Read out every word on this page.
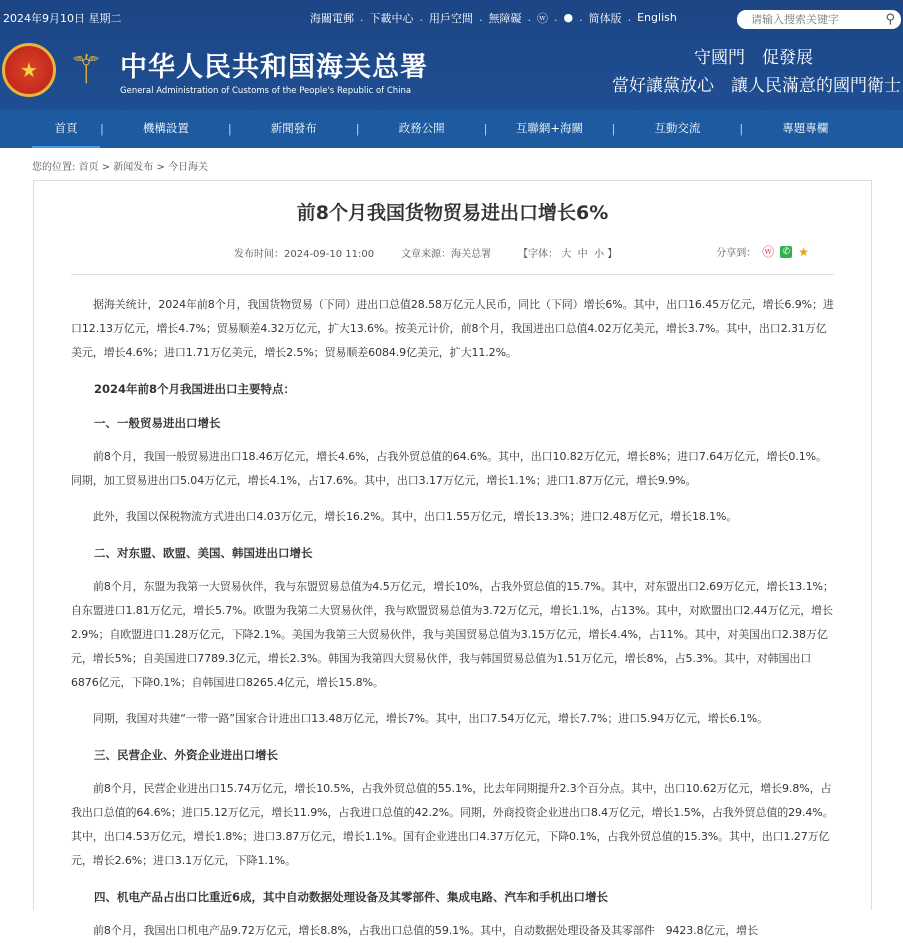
2024年9月10日 星期二	海關電郵 . 下載中心 . 用戶空間 . 無障礙 . ⓦ . ● . 简体版 . English
请输入搜索关键字	⚲
★ ⚚ 中华人民共和国海关总署
General Administration of Customs of the People's Republic of China
守國門　促發展
當好讓黨放心　讓人民滿意的國門衛士
首頁	|	機構設置	|	新聞發布	|	政務公開	|	互聯網+海關	|	互動交流	|	專題專欄
您的位置: 首页 > 新闻发布 > 今日海关
前8个月我国货物贸易进出口增长6%
发布时间：2024-09-10 11:00	文章来源：海关总署	【字体： 大 中 小 】	分享到： ⓦ ✆ ★

据海关统计，2024年前8个月，我国货物贸易（下同）进出口总值28.58万亿元人民币，同比（下同）增长6%。其中，出口16.45万亿元，增长6.9%；进口12.13万亿元，增长4.7%；贸易顺差4.32万亿元，扩大13.6%。按美元计价，前8个月，我国进出口总值4.02万亿美元，增长3.7%。其中，出口2.31万亿美元，增长4.6%；进口1.71万亿美元，增长2.5%；贸易顺差6084.9亿美元，扩大11.2%。

2024年前8个月我国进出口主要特点：
一、一般贸易进出口增长

前8个月，我国一般贸易进出口18.46万亿元，增长4.6%，占我外贸总值的64.6%。其中，出口10.82万亿元，增长8%；进口7.64万亿元，增长0.1%。同期，加工贸易进出口5.04万亿元，增长4.1%，占17.6%。其中，出口3.17万亿元，增长1.1%；进口1.87万亿元，增长9.9%。

此外，我国以保税物流方式进出口4.03万亿元，增长16.2%。其中，出口1.55万亿元，增长13.3%；进口2.48万亿元，增长18.1%。

二、对东盟、欧盟、美国、韩国进出口增长

前8个月，东盟为我第一大贸易伙伴，我与东盟贸易总值为4.5万亿元，增长10%，占我外贸总值的15.7%。其中，对东盟出口2.69万亿元，增长13.1%；自东盟进口1.81万亿元，增长5.7%。欧盟为我第二大贸易伙伴，我与欧盟贸易总值为3.72万亿元，增长1.1%，占13%。其中，对欧盟出口2.44万亿元，增长2.9%；自欧盟进口1.28万亿元，下降2.1%。美国为我第三大贸易伙伴，我与美国贸易总值为3.15万亿元，增长4.4%，占11%。其中，对美国出口2.38万亿元，增长5%；自美国进口7789.3亿元，增长2.3%。韩国为我第四大贸易伙伴，我与韩国贸易总值为1.51万亿元，增长8%，占5.3%。其中，对韩国出口6876亿元，下降0.1%；自韩国进口8265.4亿元，增长15.8%。

同期，我国对共建“一带一路”国家合计进出口13.48万亿元，增长7%。其中，出口7.54万亿元，增长7.7%；进口5.94万亿元，增长6.1%。

三、民营企业、外资企业进出口增长

前8个月，民营企业进出口15.74万亿元，增长10.5%，占我外贸总值的55.1%，比去年同期提升2.3个百分点。其中，出口10.62万亿元，增长9.8%，占我出口总值的64.6%；进口5.12万亿元，增长11.9%，占我进口总值的42.2%。同期，外商投资企业进出口8.4万亿元，增长1.5%，占我外贸总值的29.4%。其中，出口4.53万亿元，增长1.8%；进口3.87万亿元，增长1.1%。国有企业进出口4.37万亿元，下降0.1%，占我外贸总值的15.3%。其中，出口1.27万亿元，增长2.6%；进口3.1万亿元，下降1.1%。

四、机电产品占出口比重近6成，其中自动数据处理设备及其零部件、集成电路、汽车和手机出口增长

前8个月，我国出口机电产品9.72万亿元，增长8.8%，占我出口总值的59.1%。其中，自动数据处理设备及其零部件　9423.8亿元，增长
